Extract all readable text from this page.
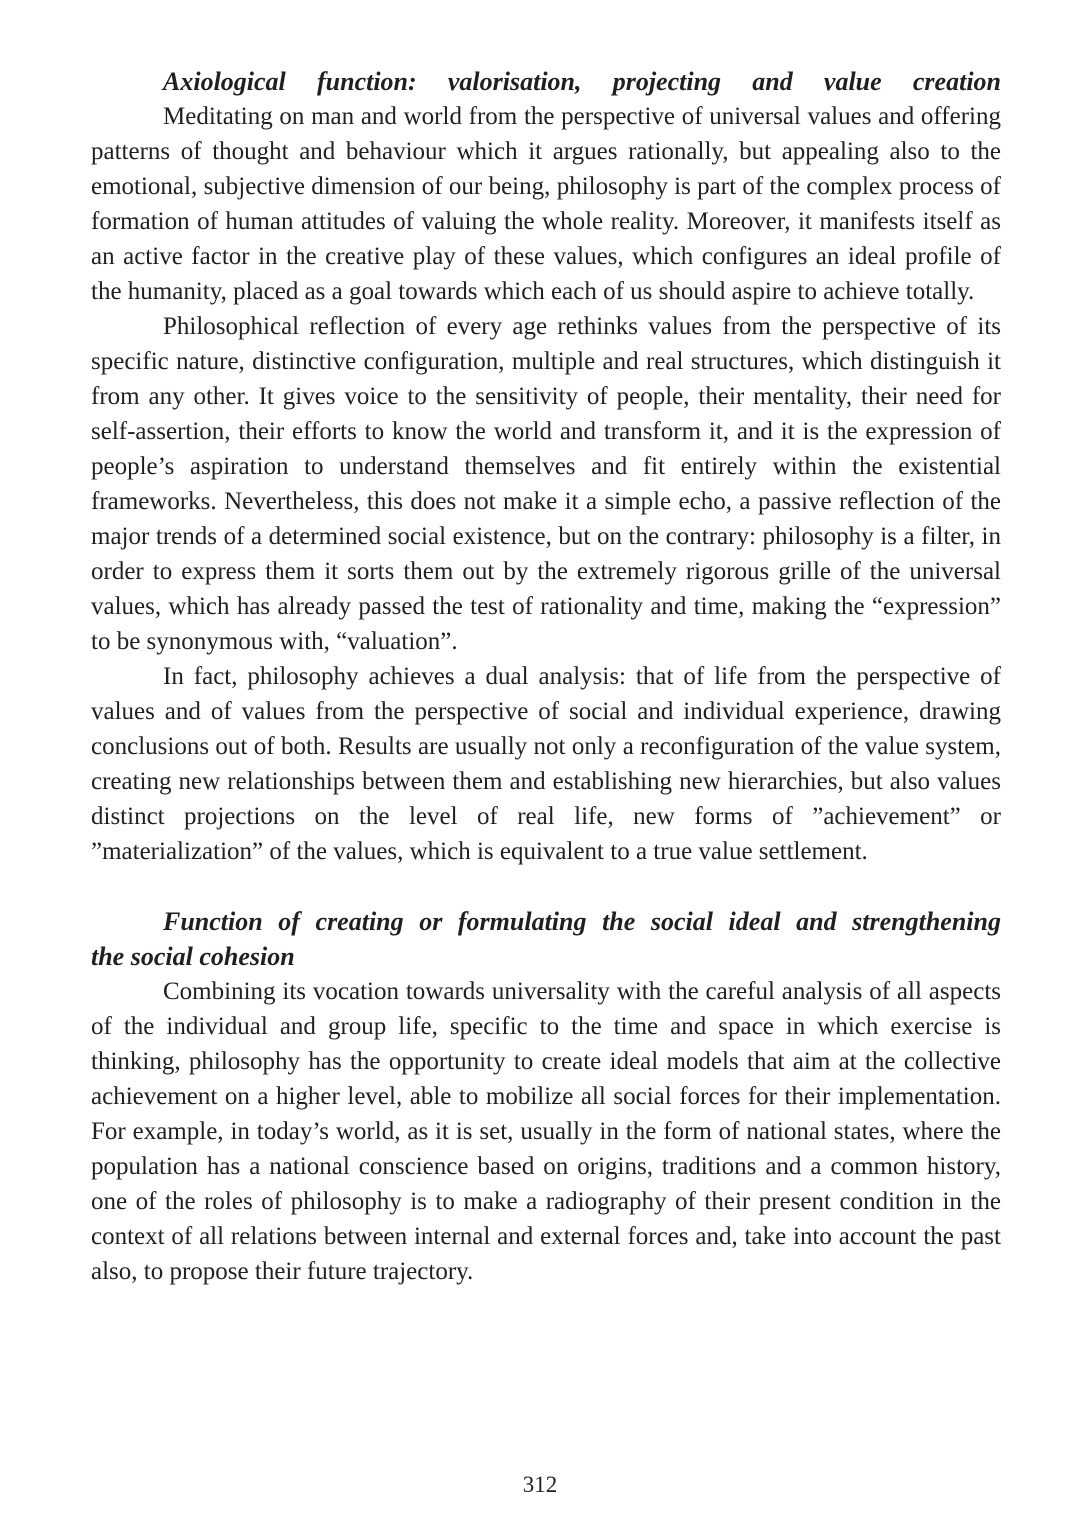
Axiological function: valorisation, projecting and value creation

Meditating on man and world from the perspective of universal values and offering patterns of thought and behaviour which it argues rationally, but appealing also to the emotional, subjective dimension of our being, philosophy is part of the complex process of formation of human attitudes of valuing the whole reality. Moreover, it manifests itself as an active factor in the creative play of these values, which configures an ideal profile of the humanity, placed as a goal towards which each of us should aspire to achieve totally.

Philosophical reflection of every age rethinks values from the perspective of its specific nature, distinctive configuration, multiple and real structures, which distinguish it from any other. It gives voice to the sensitivity of people, their mentality, their need for self-assertion, their efforts to know the world and transform it, and it is the expression of people’s aspiration to understand themselves and fit entirely within the existential frameworks. Nevertheless, this does not make it a simple echo, a passive reflection of the major trends of a determined social existence, but on the contrary: philosophy is a filter, in order to express them it sorts them out by the extremely rigorous grille of the universal values, which has already passed the test of rationality and time, making the “expression” to be synonymous with, “valuation”.

In fact, philosophy achieves a dual analysis: that of life from the perspective of values and of values from the perspective of social and individual experience, drawing conclusions out of both. Results are usually not only a reconfiguration of the value system, creating new relationships between them and establishing new hierarchies, but also values distinct projections on the level of real life, new forms of ”achievement” or ”materialization” of the values, which is equivalent to a true value settlement.

Function of creating or formulating the social ideal and strengthening
the social cohesion

Combining its vocation towards universality with the careful analysis of all aspects of the individual and group life, specific to the time and space in which exercise is thinking, philosophy has the opportunity to create ideal models that aim at the collective achievement on a higher level, able to mobilize all social forces for their implementation. For example, in today’s world, as it is set, usually in the form of national states, where the population has a national conscience based on origins, traditions and a common history, one of the roles of philosophy is to make a radiography of their present condition in the context of all relations between internal and external forces and, take into account the past also, to propose their future trajectory.

312
